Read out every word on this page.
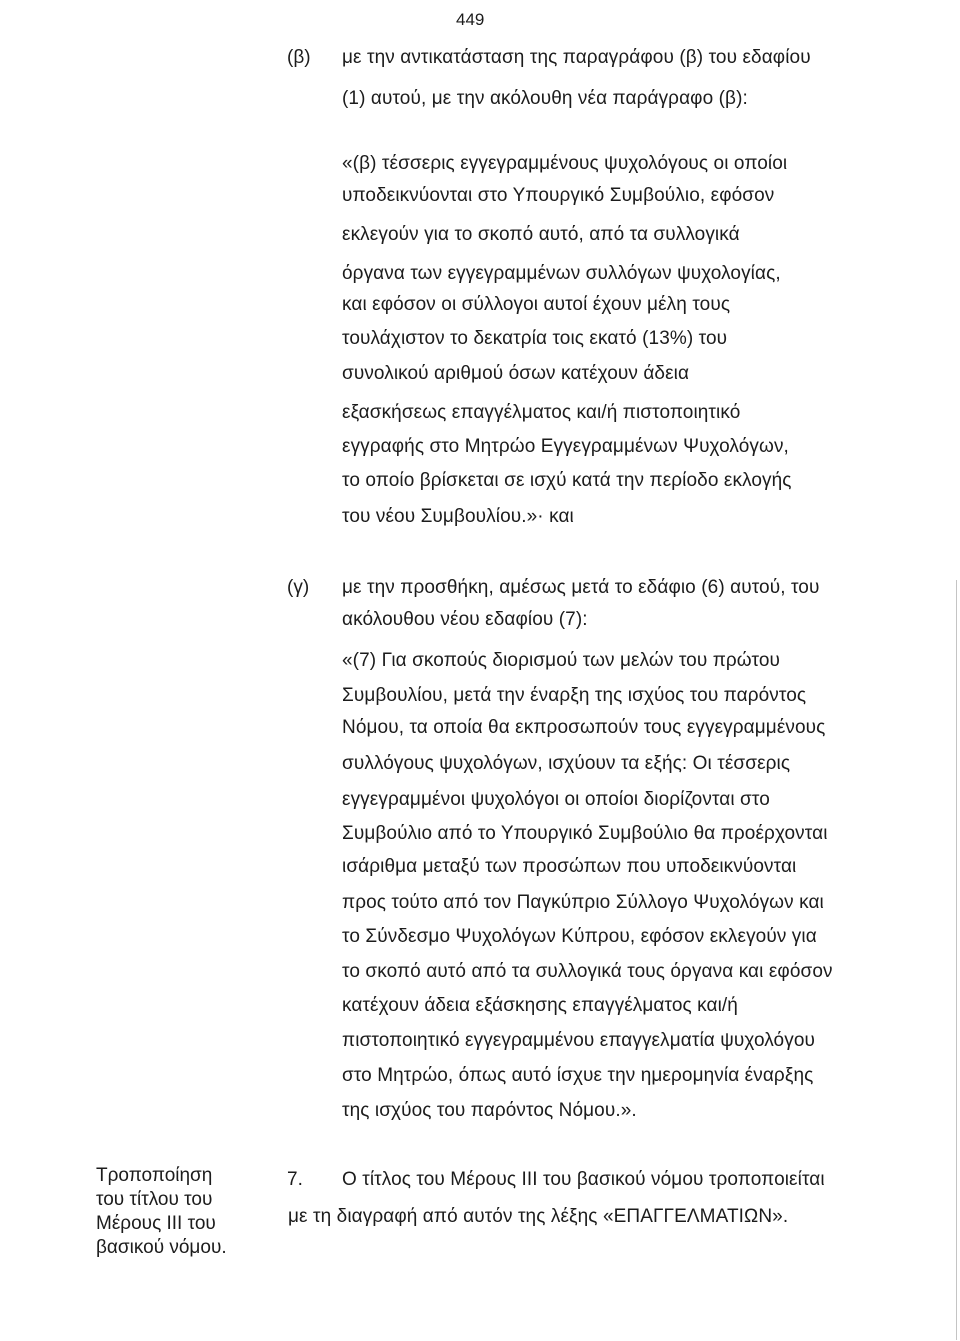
449
(β) με την αντικατάσταση της παραγράφου (β) του εδαφίου
(1) αυτού, με την ακόλουθη νέα παράγραφο (β):
«(β) τέσσερις εγγεγραμμένους ψυχολόγους οι οποίοι
υποδεικνύονται στο Υπουργικό Συμβούλιο, εφόσον
εκλεγούν για το σκοπό αυτό, από τα συλλογικά
όργανα των εγγεγραμμένων συλλόγων ψυχολογίας,
και εφόσον οι σύλλογοι αυτοί έχουν μέλη τους
τουλάχιστον το δεκατρία τοις εκατό (13%) του
συνολικού αριθμού όσων κατέχουν άδεια
εξασκήσεως επαγγέλματος και/ή πιστοποιητικό
εγγραφής στο Μητρώο Εγγεγραμμένων Ψυχολόγων,
το οποίο βρίσκεται σε ισχύ κατά την περίοδο εκλογής
του νέου Συμβουλίου.»· και
(γ) με την προσθήκη, αμέσως μετά το εδάφιο (6) αυτού, του
ακόλουθου νέου εδαφίου (7):
«(7) Για σκοπούς διορισμού των μελών του πρώτου
Συμβουλίου, μετά την έναρξη της ισχύος του παρόντος
Νόμου, τα οποία θα εκπροσωπούν τους εγγεγραμμένους
συλλόγους ψυχολόγων, ισχύουν τα εξής: Οι τέσσερις
εγγεγραμμένοι ψυχολόγοι οι οποίοι διορίζονται στο
Συμβούλιο από το Υπουργικό Συμβούλιο θα προέρχονται
ισάριθμα μεταξύ των προσώπων που υποδεικνύονται
προς τούτο από τον Παγκύπριο Σύλλογο Ψυχολόγων και
το Σύνδεσμο Ψυχολόγων Κύπρου, εφόσον εκλεγούν για
το σκοπό αυτό από τα συλλογικά τους όργανα και εφόσον
κατέχουν άδεια εξάσκησης επαγγέλματος και/ή
πιστοποιητικό εγγεγραμμένου επαγγελματία ψυχολόγου
στο Μητρώο, όπως αυτό ίσχυε την ημερομηνία έναρξης
της ισχύος του παρόντος Νόμου.».
Τροποποίηση
του τίτλου του
Μέρους III του
βασικού νόμου.
7. Ο τίτλος του Μέρους III του βασικού νόμου τροποποιείται
με τη διαγραφή από αυτόν της λέξης «ΕΠΑΓΓΕΛΜΑΤΙΩΝ».
